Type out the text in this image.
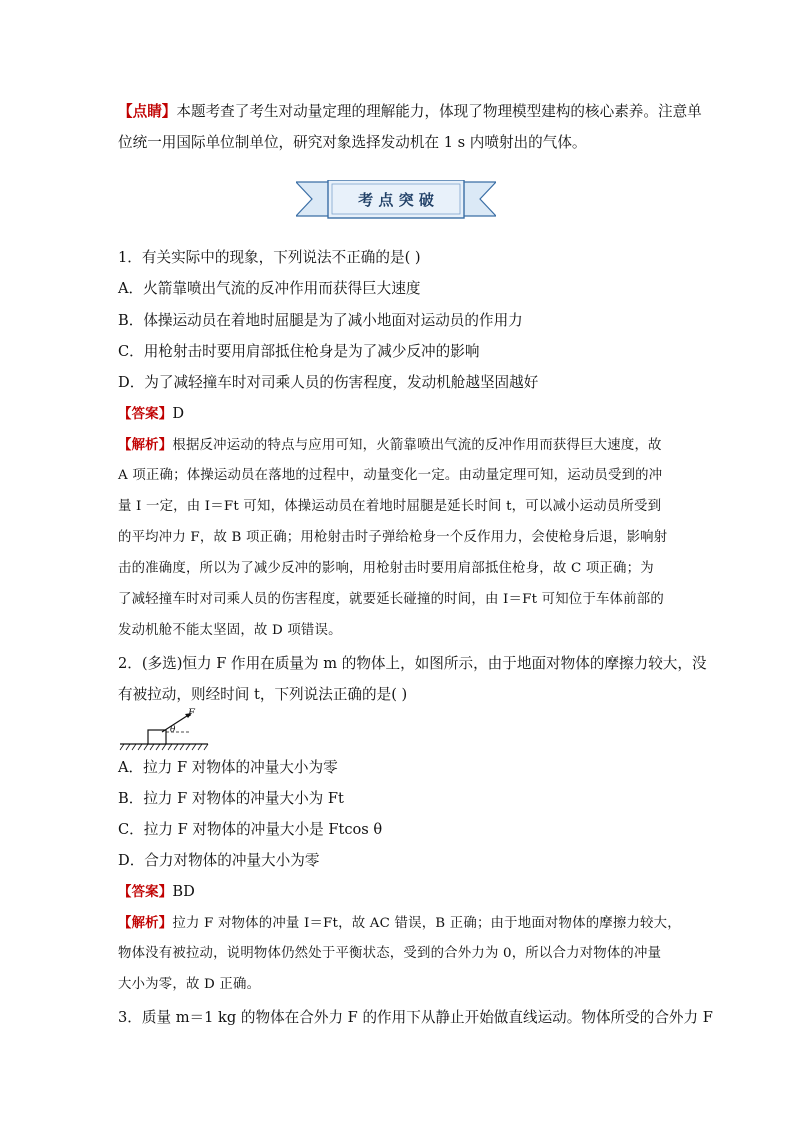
【点睛】本题考查了考生对动量定理的理解能力，体现了物理模型建构的核心素养。注意单
位统一用国际单位制单位，研究对象选择发动机在 1 s 内喷射出的气体。
考 点 突 破
1．有关实际中的现象，下列说法不正确的是( )
A．火箭靠喷出气流的反冲作用而获得巨大速度
B．体操运动员在着地时屈腿是为了减小地面对运动员的作用力
C．用枪射击时要用肩部抵住枪身是为了减少反冲的影响
D．为了减轻撞车时对司乘人员的伤害程度，发动机舱越坚固越好
【答案】D
【解析】根据反冲运动的特点与应用可知，火箭靠喷出气流的反冲作用而获得巨大速度，故
A 项正确；体操运动员在落地的过程中，动量变化一定。由动量定理可知，运动员受到的冲
量 I 一定，由 I＝Ft 可知，体操运动员在着地时屈腿是延长时间 t，可以减小运动员所受到
的平均冲力 F，故 B 项正确；用枪射击时子弹给枪身一个反作用力，会使枪身后退，影响射
击的准确度，所以为了减少反冲的影响，用枪射击时要用肩部抵住枪身，故 C 项正确；为
了减轻撞车时对司乘人员的伤害程度，就要延长碰撞的时间，由 I＝Ft 可知位于车体前部的
发动机舱不能太坚固，故 D 项错误。
2．(多选)恒力 F 作用在质量为 m 的物体上，如图所示，由于地面对物体的摩擦力较大，没
有被拉动，则经时间 t，下列说法正确的是( )
F
θ
A．拉力 F 对物体的冲量大小为零
B．拉力 F 对物体的冲量大小为 Ft
C．拉力 F 对物体的冲量大小是 Ftcos θ
D．合力对物体的冲量大小为零
【答案】BD
【解析】拉力 F 对物体的冲量 I＝Ft，故 AC 错误，B 正确；由于地面对物体的摩擦力较大，
物体没有被拉动，说明物体仍然处于平衡状态，受到的合外力为 0，所以合力对物体的冲量
大小为零，故 D 正确。
3．质量 m＝1 kg 的物体在合外力 F 的作用下从静止开始做直线运动。物体所受的合外力 F
